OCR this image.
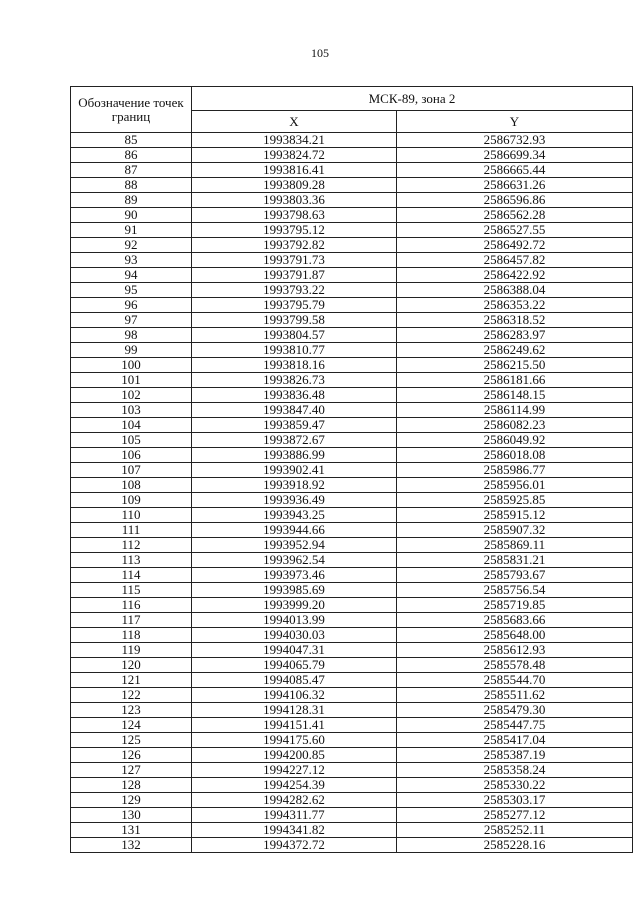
105
Обозначение точек границ	МСК-89, зона 2	
	X	Y
85	1993834.21	2586732.93
86	1993824.72	2586699.34
87	1993816.41	2586665.44
88	1993809.28	2586631.26
89	1993803.36	2586596.86
90	1993798.63	2586562.28
91	1993795.12	2586527.55
92	1993792.82	2586492.72
93	1993791.73	2586457.82
94	1993791.87	2586422.92
95	1993793.22	2586388.04
96	1993795.79	2586353.22
97	1993799.58	2586318.52
98	1993804.57	2586283.97
99	1993810.77	2586249.62
100	1993818.16	2586215.50
101	1993826.73	2586181.66
102	1993836.48	2586148.15
103	1993847.40	2586114.99
104	1993859.47	2586082.23
105	1993872.67	2586049.92
106	1993886.99	2586018.08
107	1993902.41	2585986.77
108	1993918.92	2585956.01
109	1993936.49	2585925.85
110	1993943.25	2585915.12
111	1993944.66	2585907.32
112	1993952.94	2585869.11
113	1993962.54	2585831.21
114	1993973.46	2585793.67
115	1993985.69	2585756.54
116	1993999.20	2585719.85
117	1994013.99	2585683.66
118	1994030.03	2585648.00
119	1994047.31	2585612.93
120	1994065.79	2585578.48
121	1994085.47	2585544.70
122	1994106.32	2585511.62
123	1994128.31	2585479.30
124	1994151.41	2585447.75
125	1994175.60	2585417.04
126	1994200.85	2585387.19
127	1994227.12	2585358.24
128	1994254.39	2585330.22
129	1994282.62	2585303.17
130	1994311.77	2585277.12
131	1994341.82	2585252.11
132	1994372.72	2585228.16
